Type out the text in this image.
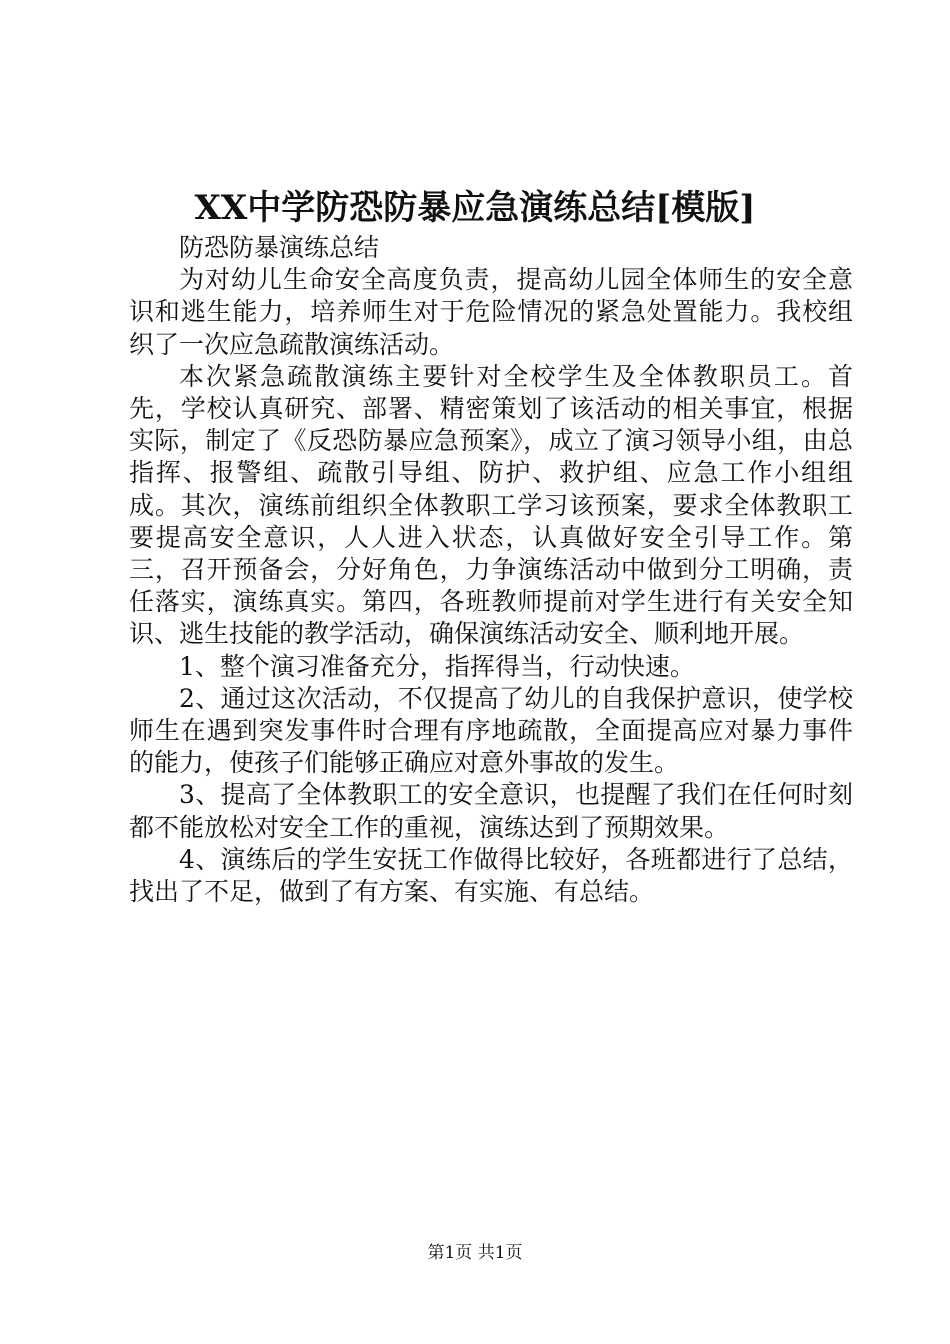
XX中学防恐防暴应急演练总结[模版]

防恐防暴演练总结

为对幼儿生命安全高度负责，提高幼儿园全体师生的安全意识和逃生能力，培养师生对于危险情况的紧急处置能力。我校组织了一次应急疏散演练活动。

本次紧急疏散演练主要针对全校学生及全体教职员工。首先，学校认真研究、部署、精密策划了该活动的相关事宜，根据实际，制定了《反恐防暴应急预案》，成立了演习领导小组，由总指挥、报警组、疏散引导组、防护、救护组、应急工作小组组成。其次，演练前组织全体教职工学习该预案，要求全体教职工要提高安全意识，人人进入状态，认真做好安全引导工作。第三，召开预备会，分好角色，力争演练活动中做到分工明确，责任落实，演练真实。第四，各班教师提前对学生进行有关安全知识、逃生技能的教学活动，确保演练活动安全、顺利地开展。

1、整个演习准备充分，指挥得当，行动快速。

2、通过这次活动，不仅提高了幼儿的自我保护意识，使学校师生在遇到突发事件时合理有序地疏散，全面提高应对暴力事件的能力，使孩子们能够正确应对意外事故的发生。

3、提高了全体教职工的安全意识，也提醒了我们在任何时刻都不能放松对安全工作的重视，演练达到了预期效果。

4、演练后的学生安抚工作做得比较好，各班都进行了总结，找出了不足，做到了有方案、有实施、有总结。

第1页 共1页
